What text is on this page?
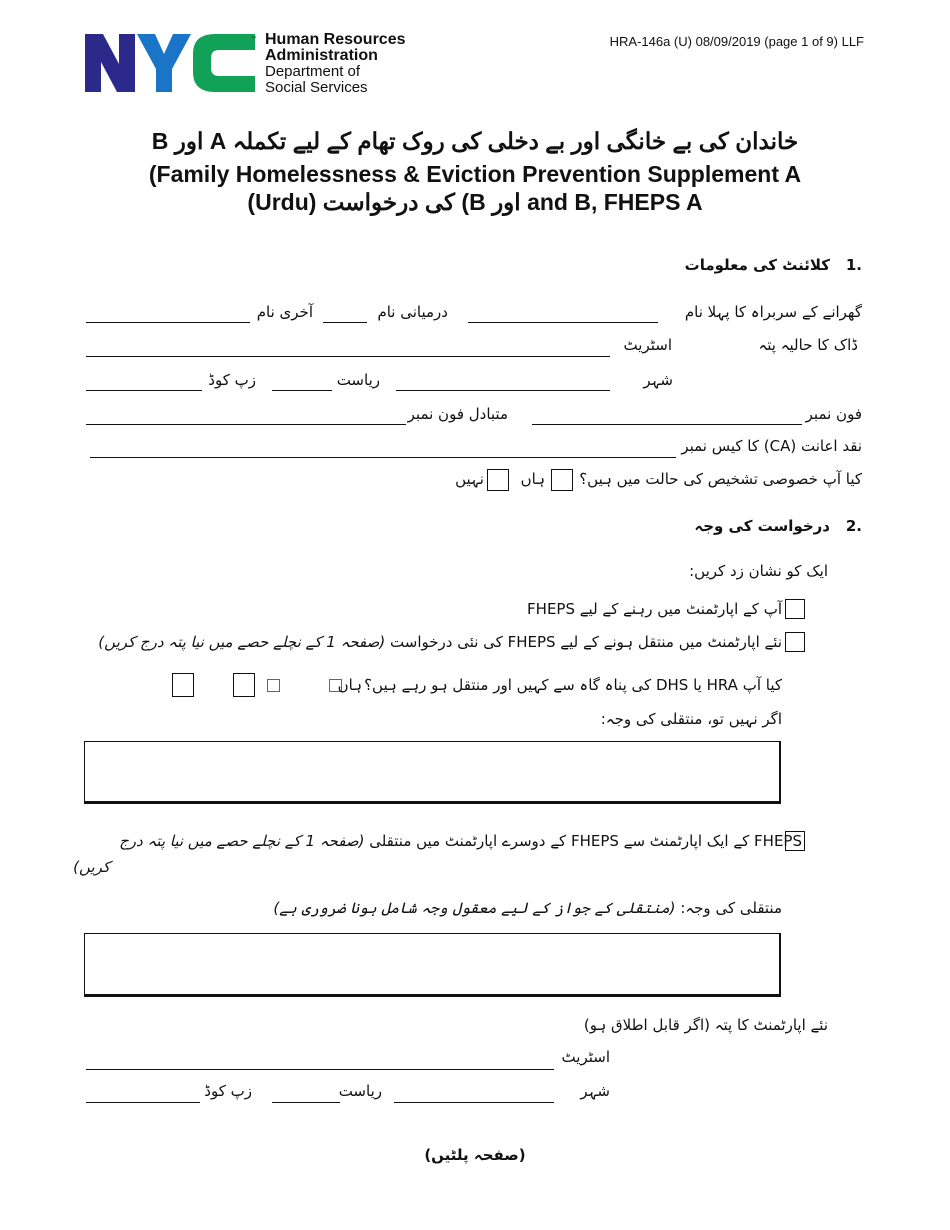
™ Human Resources
Administration
Department of
Social Services
HRA-146a (U) 08/09/2019 (page 1 of 9) LLF
خاندان کی بے خانگی اور بے دخلی کی روک تھام کے لیے تکملہ A اور B
(Family Homelessness & Eviction Prevention Supplement A
and B, FHEPS A اور B) کی درخواست (Urdu)
1.
کلائنٹ کی معلومات
گھرانے کے سربراہ کا پہلا نام
درمیانی نام
آخری نام
ڈاک کا حالیہ پتہ
اسٹریٹ
شہر
ریاست
زپ کوڈ
فون نمبر
متبادل فون نمبر
نقد اعانت (CA) کا کیس نمبر
کیا آپ خصوصی تشخیص کی حالت میں ہیں؟
ہاں
نہیں
2.
درخواست کی وجہ
ایک کو نشان زد کریں:
آپ کے اپارٹمنٹ میں رہنے کے لیے FHEPS
نئے اپارٹمنٹ میں منتقل ہونے کے لیے FHEPS کی نئی درخواست (صفحہ 1 کے نچلے حصے میں نیا پتہ درج کریں)
کیا آپ HRA یا DHS کی پناہ گاہ سے کہیں اور منتقل ہو رہے ہیں؟
ہاں
اگر نہیں تو، منتقلی کی وجہ:
FHEPS کے ایک اپارٹمنٹ سے FHEPS کے دوسرے اپارٹمنٹ میں منتقلی (صفحہ 1 کے نچلے حصے میں نیا پتہ درج
کریں)
منتقلی کی وجہ: (منتقلی کے جواز کے لیے معقول وجہ شامل ہونا ضروری ہے)
نئے اپارٹمنٹ کا پتہ (اگر قابل اطلاق ہو)
اسٹریٹ
شہر
ریاست
زپ کوڈ
(صفحہ پلٹیں)
